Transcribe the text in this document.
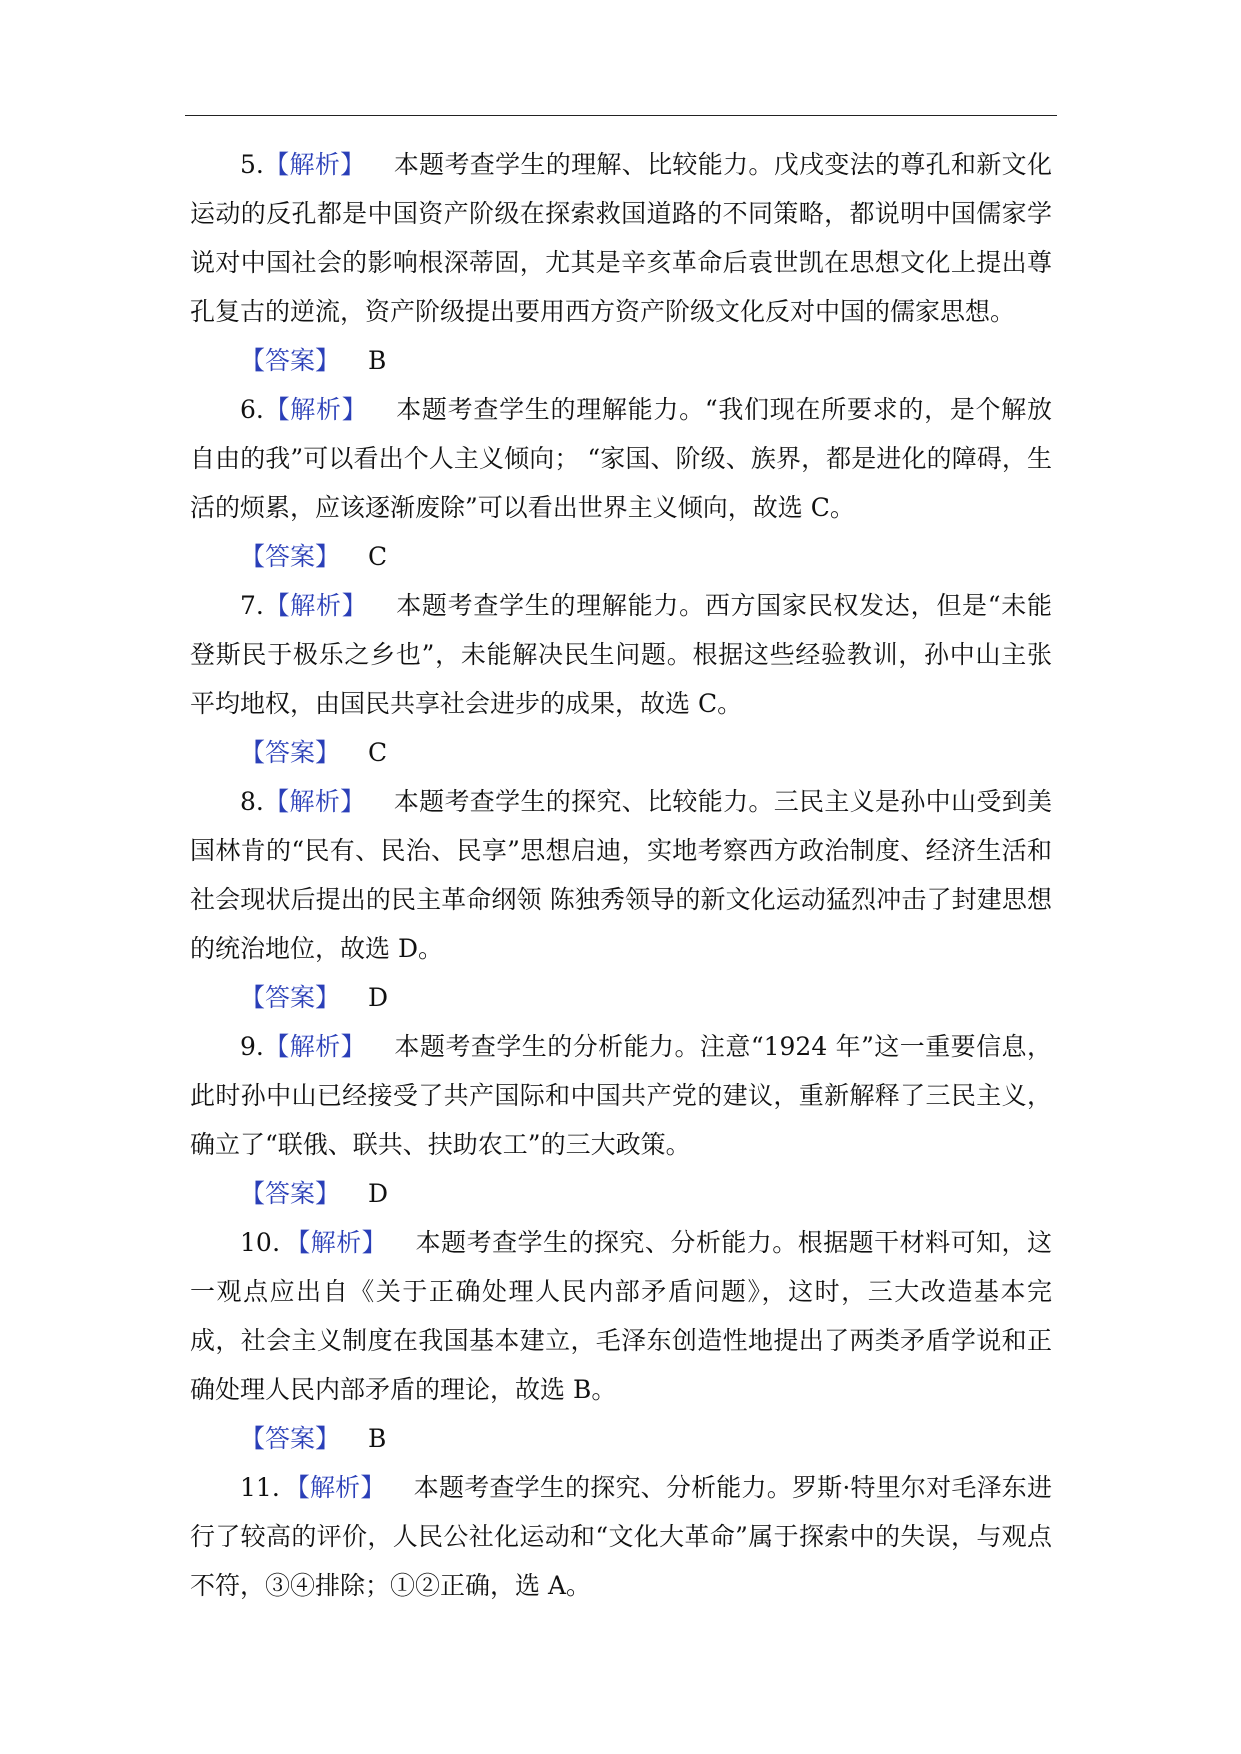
5.【解析】 本题考查学生的理解、比较能力。戊戌变法的尊孔和新文化运动的反孔都是中国资产阶级在探索救国道路的不同策略，都说明中国儒家学说对中国社会的影响根深蒂固，尤其是辛亥革命后袁世凯在思想文化上提出尊孔复古的逆流，资产阶级提出要用西方资产阶级文化反对中国的儒家思想。

【答案】 B

6.【解析】 本题考查学生的理解能力。“我们现在所要求的，是个解放自由的我”可以看出个人主义倾向； “家国、阶级、族界，都是进化的障碍，生活的烦累，应该逐渐废除”可以看出世界主义倾向，故选 C。

【答案】 C

7.【解析】 本题考查学生的理解能力。西方国家民权发达，但是“未能登斯民于极乐之乡也”，未能解决民生问题。根据这些经验教训，孙中山主张平均地权，由国民共享社会进步的成果，故选 C。

【答案】 C

8.【解析】 本题考查学生的探究、比较能力。三民主义是孙中山受到美国林肯的“民有、民治、民享”思想启迪，实地考察西方政治制度、经济生活和社会现状后提出的民主革命纲领 陈独秀领导的新文化运动猛烈冲击了封建思想的统治地位，故选 D。

【答案】 D

9.【解析】 本题考查学生的分析能力。注意“1924 年”这一重要信息，此时孙中山已经接受了共产国际和中国共产党的建议，重新解释了三民主义，确立了“联俄、联共、扶助农工”的三大政策。

【答案】 D

10．【解析】 本题考查学生的探究、分析能力。根据题干材料可知，这一观点应出自《关于正确处理人民内部矛盾问题》，这时，三大改造基本完成，社会主义制度在我国基本建立，毛泽东创造性地提出了两类矛盾学说和正确处理人民内部矛盾的理论，故选 B。

【答案】 B

11．【解析】 本题考查学生的探究、分析能力。罗斯·特里尔对毛泽东进行了较高的评价，人民公社化运动和“文化大革命”属于探索中的失误，与观点不符，③④排除；①②正确，选 A。
